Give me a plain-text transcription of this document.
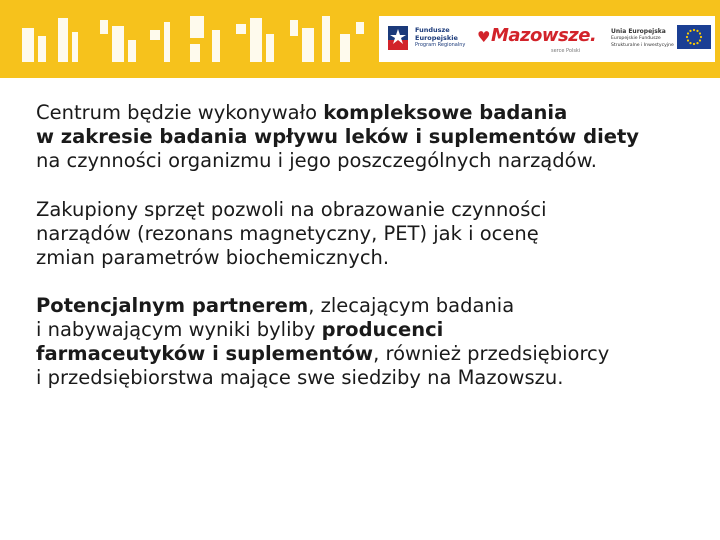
Fundusze
Europejskie
Program Regionalny ♥ Mazowsze.
serce Polski
Unia Europejska
Europejskie Fundusze
Strukturalne i Inwestycyjne

Centrum będzie wykonywało kompleksowe badania
w zakresie badania wpływu leków i suplementów diety
na czynności organizmu i jego poszczególnych narządów.

Zakupiony sprzęt pozwoli na obrazowanie czynności
narządów (rezonans magnetyczny, PET) jak i ocenę
zmian parametrów biochemicznych.

Potencjalnym partnerem, zlecającym badania
i nabywającym wyniki byliby producenci
farmaceutyków i suplementów, również przedsiębiorcy
i przedsiębiorstwa mające swe siedziby na Mazowszu.
